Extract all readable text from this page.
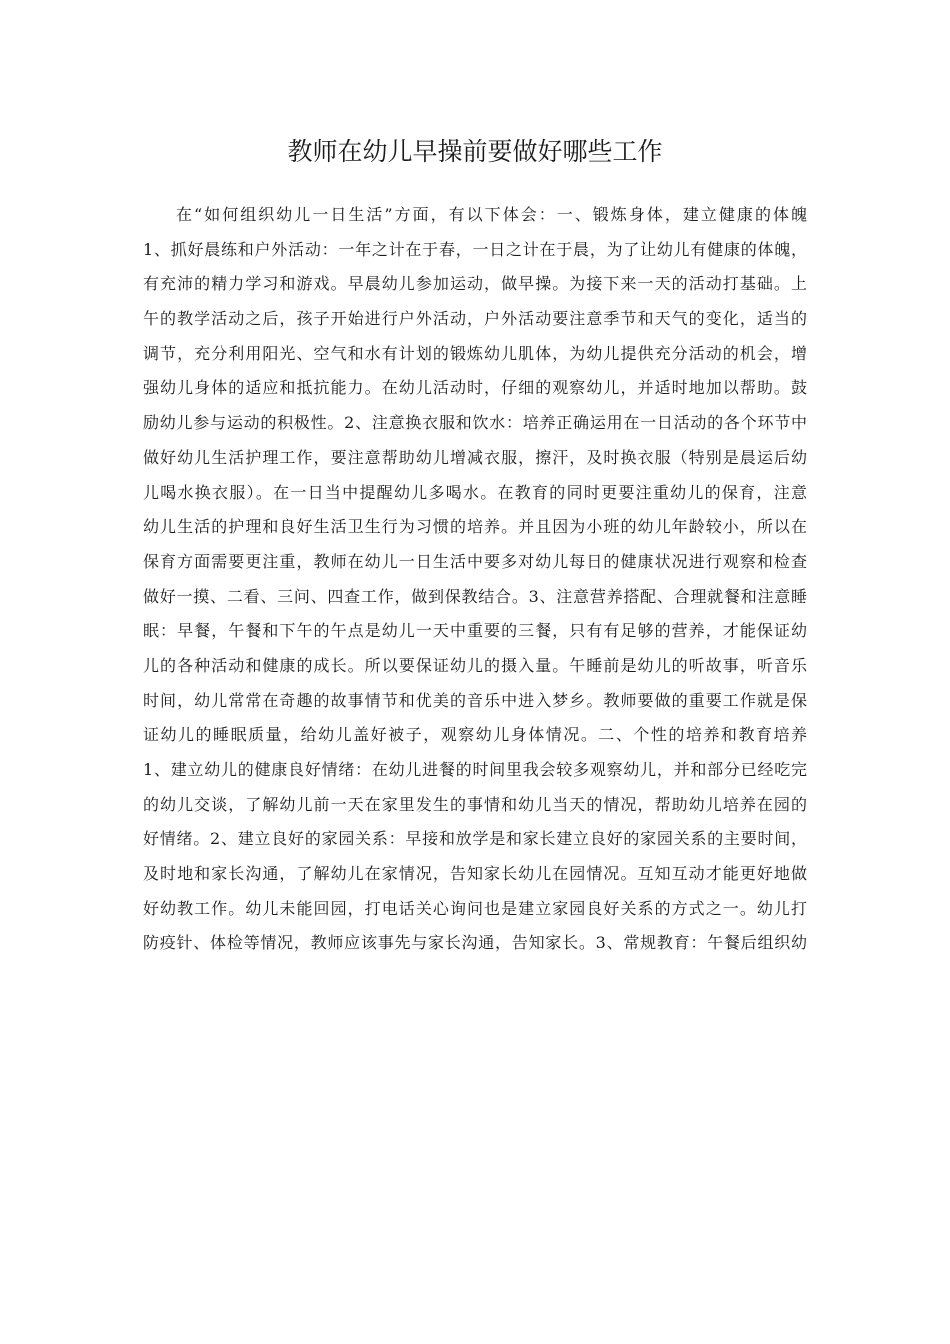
教师在幼儿早操前要做好哪些工作
在“如何组织幼儿一日生活”方面，有以下体会：一、锻炼身体，建立健康的体魄
1、抓好晨练和户外活动：一年之计在于春，一日之计在于晨，为了让幼儿有健康的体魄，
有充沛的精力学习和游戏。早晨幼儿参加运动，做早操。为接下来一天的活动打基础。上
午的教学活动之后，孩子开始进行户外活动，户外活动要注意季节和天气的变化，适当的
调节，充分利用阳光、空气和水有计划的锻炼幼儿肌体，为幼儿提供充分活动的机会，增
强幼儿身体的适应和抵抗能力。在幼儿活动时，仔细的观察幼儿，并适时地加以帮助。鼓
励幼儿参与运动的积极性。2、注意换衣服和饮水：培养正确运用在一日活动的各个环节中
做好幼儿生活护理工作，要注意帮助幼儿增减衣服，擦汗，及时换衣服（特别是晨运后幼
儿喝水换衣服）。在一日当中提醒幼儿多喝水。在教育的同时更要注重幼儿的保育，注意
幼儿生活的护理和良好生活卫生行为习惯的培养。并且因为小班的幼儿年龄较小，所以在
保育方面需要更注重，教师在幼儿一日生活中要多对幼儿每日的健康状况进行观察和检查
做好一摸、二看、三问、四查工作，做到保教结合。3、注意营养搭配、合理就餐和注意睡
眠：早餐，午餐和下午的午点是幼儿一天中重要的三餐，只有有足够的营养，才能保证幼
儿的各种活动和健康的成长。所以要保证幼儿的摄入量。午睡前是幼儿的听故事，听音乐
时间，幼儿常常在奇趣的故事情节和优美的音乐中进入梦乡。教师要做的重要工作就是保
证幼儿的睡眠质量，给幼儿盖好被子，观察幼儿身体情况。二、个性的培养和教育培养
1、建立幼儿的健康良好情绪：在幼儿进餐的时间里我会较多观察幼儿，并和部分已经吃完
的幼儿交谈，了解幼儿前一天在家里发生的事情和幼儿当天的情况，帮助幼儿培养在园的
好情绪。2、建立良好的家园关系：早接和放学是和家长建立良好的家园关系的主要时间，
及时地和家长沟通，了解幼儿在家情况，告知家长幼儿在园情况。互知互动才能更好地做
好幼教工作。幼儿未能回园，打电话关心询问也是建立家园良好关系的方式之一。幼儿打
防疫针、体检等情况，教师应该事先与家长沟通，告知家长。3、常规教育：午餐后组织幼
